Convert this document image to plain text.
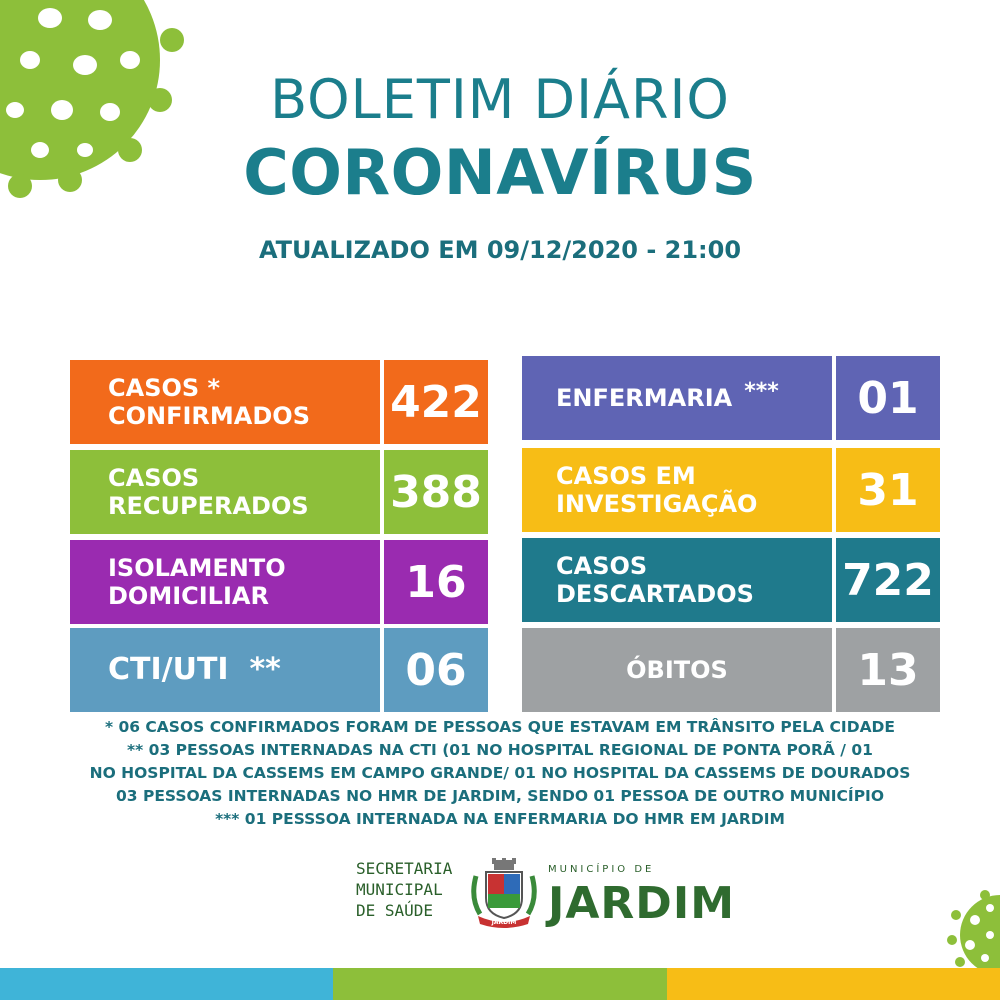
BOLETIM DIÁRIO
CORONAVÍRUS
ATUALIZADO EM 09/12/2020 - 21:00
CASOS *
CONFIRMADOS	422
CASOS
RECUPERADOS	388
ISOLAMENTO
DOMICILIAR	16
CTI/UTI  **	06
ENFERMARIA ***	01
CASOS EM
INVESTIGAÇÃO	31
CASOS
DESCARTADOS	722
ÓBITOS	13
* 06 CASOS CONFIRMADOS FORAM DE PESSOAS QUE ESTAVAM EM TRÂNSITO PELA CIDADE
** 03 PESSOAS INTERNADAS NA CTI (01 NO HOSPITAL REGIONAL DE PONTA PORÃ / 01
NO HOSPITAL DA CASSEMS EM CAMPO GRANDE/ 01 NO HOSPITAL DA CASSEMS DE DOURADOS
03 PESSOAS INTERNADAS NO HMR DE JARDIM, SENDO 01 PESSOA DE OUTRO MUNICÍPIO
*** 01 PESSSOA INTERNADA NA ENFERMARIA DO HMR EM JARDIM
SECRETARIA
MUNICIPAL
DE SAÚDE
JARDIM
MUNICÍPIO DE
JARDIM
